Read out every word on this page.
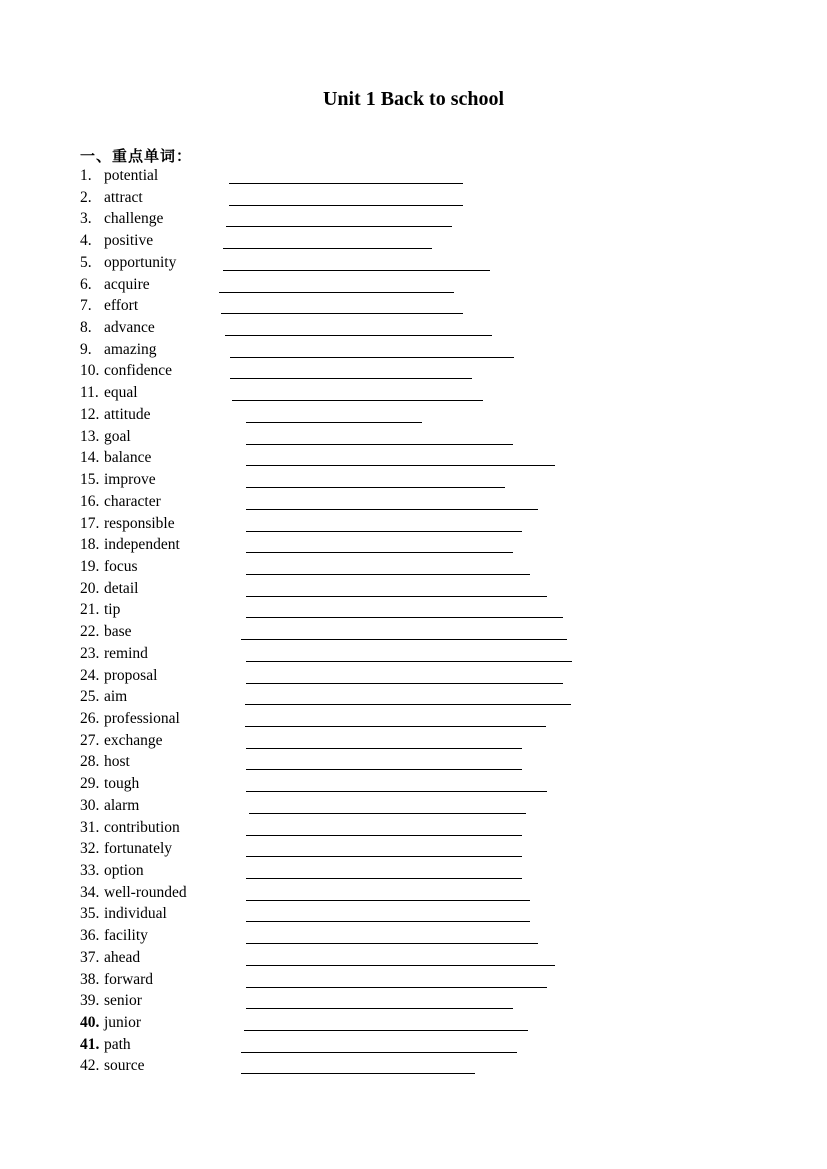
Unit 1 Back to school
一、重点单词：
1. potential
2. attract
3. challenge
4. positive
5. opportunity
6. acquire
7. effort
8. advance
9. amazing
10. confidence
11. equal
12. attitude
13. goal
14. balance
15. improve
16. character
17. responsible
18. independent
19. focus
20. detail
21. tip
22. base
23. remind
24. proposal
25. aim
26. professional
27. exchange
28. host
29. tough
30. alarm
31. contribution
32. fortunately
33. option
34. well-rounded
35. individual
36. facility
37. ahead
38. forward
39. senior
40. junior
41. path
42. source
